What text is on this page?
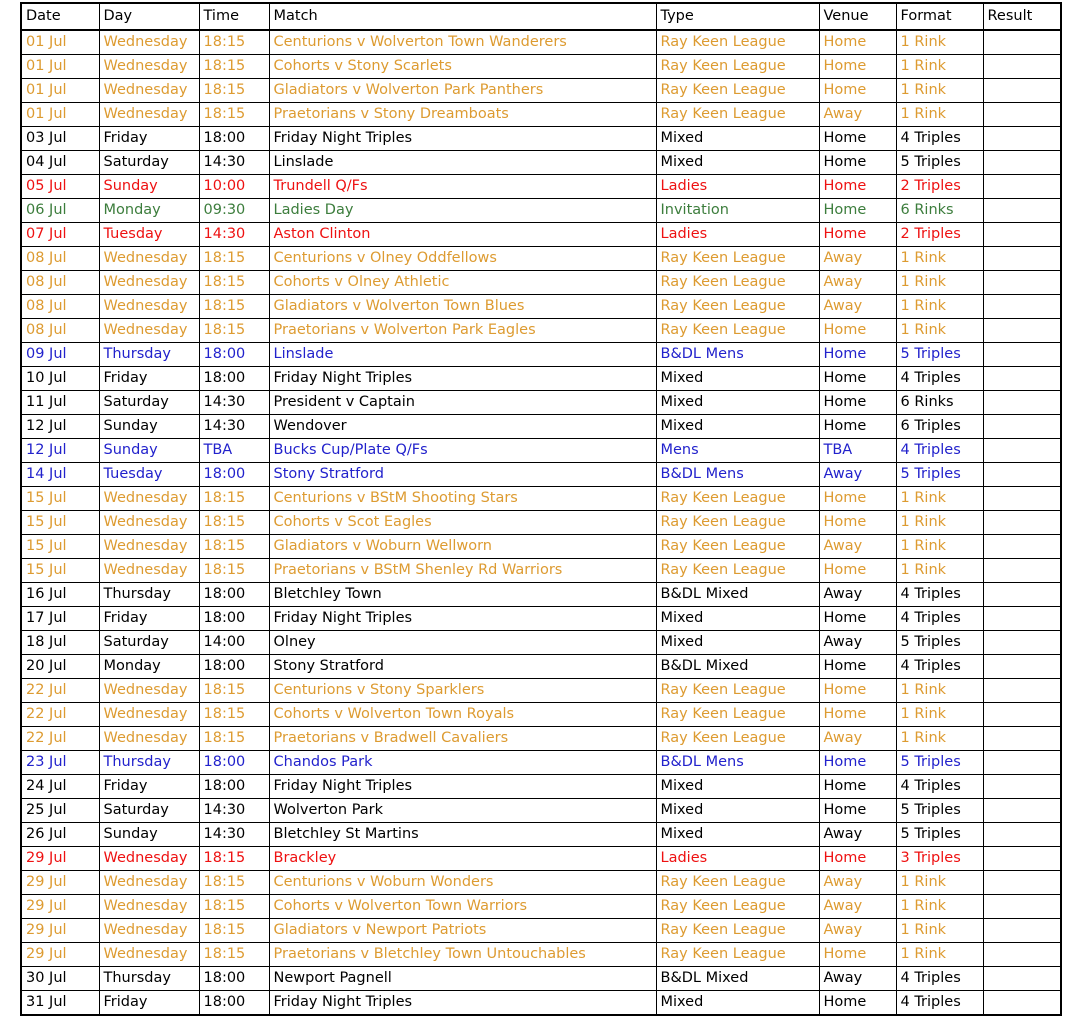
Date	Day	Time	Match	Type	Venue	Format	Result
01 Jul	Wednesday	18:15	Centurions v Wolverton Town Wanderers	Ray Keen League	Home	1 Rink	
01 Jul	Wednesday	18:15	Cohorts v Stony Scarlets	Ray Keen League	Home	1 Rink	
01 Jul	Wednesday	18:15	Gladiators v Wolverton Park Panthers	Ray Keen League	Home	1 Rink	
01 Jul	Wednesday	18:15	Praetorians v Stony Dreamboats	Ray Keen League	Away	1 Rink	
03 Jul	Friday	18:00	Friday Night Triples	Mixed	Home	4 Triples	
04 Jul	Saturday	14:30	Linslade	Mixed	Home	5 Triples	
05 Jul	Sunday	10:00	Trundell Q/Fs	Ladies	Home	2 Triples	
06 Jul	Monday	09:30	Ladies Day	Invitation	Home	6 Rinks	
07 Jul	Tuesday	14:30	Aston Clinton	Ladies	Home	2 Triples	
08 Jul	Wednesday	18:15	Centurions v Olney Oddfellows	Ray Keen League	Away	1 Rink	
08 Jul	Wednesday	18:15	Cohorts v Olney Athletic	Ray Keen League	Away	1 Rink	
08 Jul	Wednesday	18:15	Gladiators v Wolverton Town Blues	Ray Keen League	Away	1 Rink	
08 Jul	Wednesday	18:15	Praetorians v Wolverton Park Eagles	Ray Keen League	Home	1 Rink	
09 Jul	Thursday	18:00	Linslade	B&DL Mens	Home	5 Triples	
10 Jul	Friday	18:00	Friday Night Triples	Mixed	Home	4 Triples	
11 Jul	Saturday	14:30	President v Captain	Mixed	Home	6 Rinks	
12 Jul	Sunday	14:30	Wendover	Mixed	Home	6 Triples	
12 Jul	Sunday	TBA	Bucks Cup/Plate Q/Fs	Mens	TBA	4 Triples	
14 Jul	Tuesday	18:00	Stony Stratford	B&DL Mens	Away	5 Triples	
15 Jul	Wednesday	18:15	Centurions v BStM Shooting Stars	Ray Keen League	Home	1 Rink	
15 Jul	Wednesday	18:15	Cohorts v Scot Eagles	Ray Keen League	Home	1 Rink	
15 Jul	Wednesday	18:15	Gladiators v Woburn Wellworn	Ray Keen League	Away	1 Rink	
15 Jul	Wednesday	18:15	Praetorians v BStM Shenley Rd Warriors	Ray Keen League	Home	1 Rink	
16 Jul	Thursday	18:00	Bletchley Town	B&DL Mixed	Away	4 Triples	
17 Jul	Friday	18:00	Friday Night Triples	Mixed	Home	4 Triples	
18 Jul	Saturday	14:00	Olney	Mixed	Away	5 Triples	
20 Jul	Monday	18:00	Stony Stratford	B&DL Mixed	Home	4 Triples	
22 Jul	Wednesday	18:15	Centurions v Stony Sparklers	Ray Keen League	Home	1 Rink	
22 Jul	Wednesday	18:15	Cohorts v Wolverton Town Royals	Ray Keen League	Home	1 Rink	
22 Jul	Wednesday	18:15	Praetorians v Bradwell Cavaliers	Ray Keen League	Away	1 Rink	
23 Jul	Thursday	18:00	Chandos Park	B&DL Mens	Home	5 Triples	
24 Jul	Friday	18:00	Friday Night Triples	Mixed	Home	4 Triples	
25 Jul	Saturday	14:30	Wolverton Park	Mixed	Home	5 Triples	
26 Jul	Sunday	14:30	Bletchley St Martins	Mixed	Away	5 Triples	
29 Jul	Wednesday	18:15	Brackley	Ladies	Home	3 Triples	
29 Jul	Wednesday	18:15	Centurions v Woburn Wonders	Ray Keen League	Away	1 Rink	
29 Jul	Wednesday	18:15	Cohorts v Wolverton Town Warriors	Ray Keen League	Away	1 Rink	
29 Jul	Wednesday	18:15	Gladiators v Newport Patriots	Ray Keen League	Away	1 Rink	
29 Jul	Wednesday	18:15	Praetorians v Bletchley Town Untouchables	Ray Keen League	Home	1 Rink	
30 Jul	Thursday	18:00	Newport Pagnell	B&DL Mixed	Away	4 Triples	
31 Jul	Friday	18:00	Friday Night Triples	Mixed	Home	4 Triples	
